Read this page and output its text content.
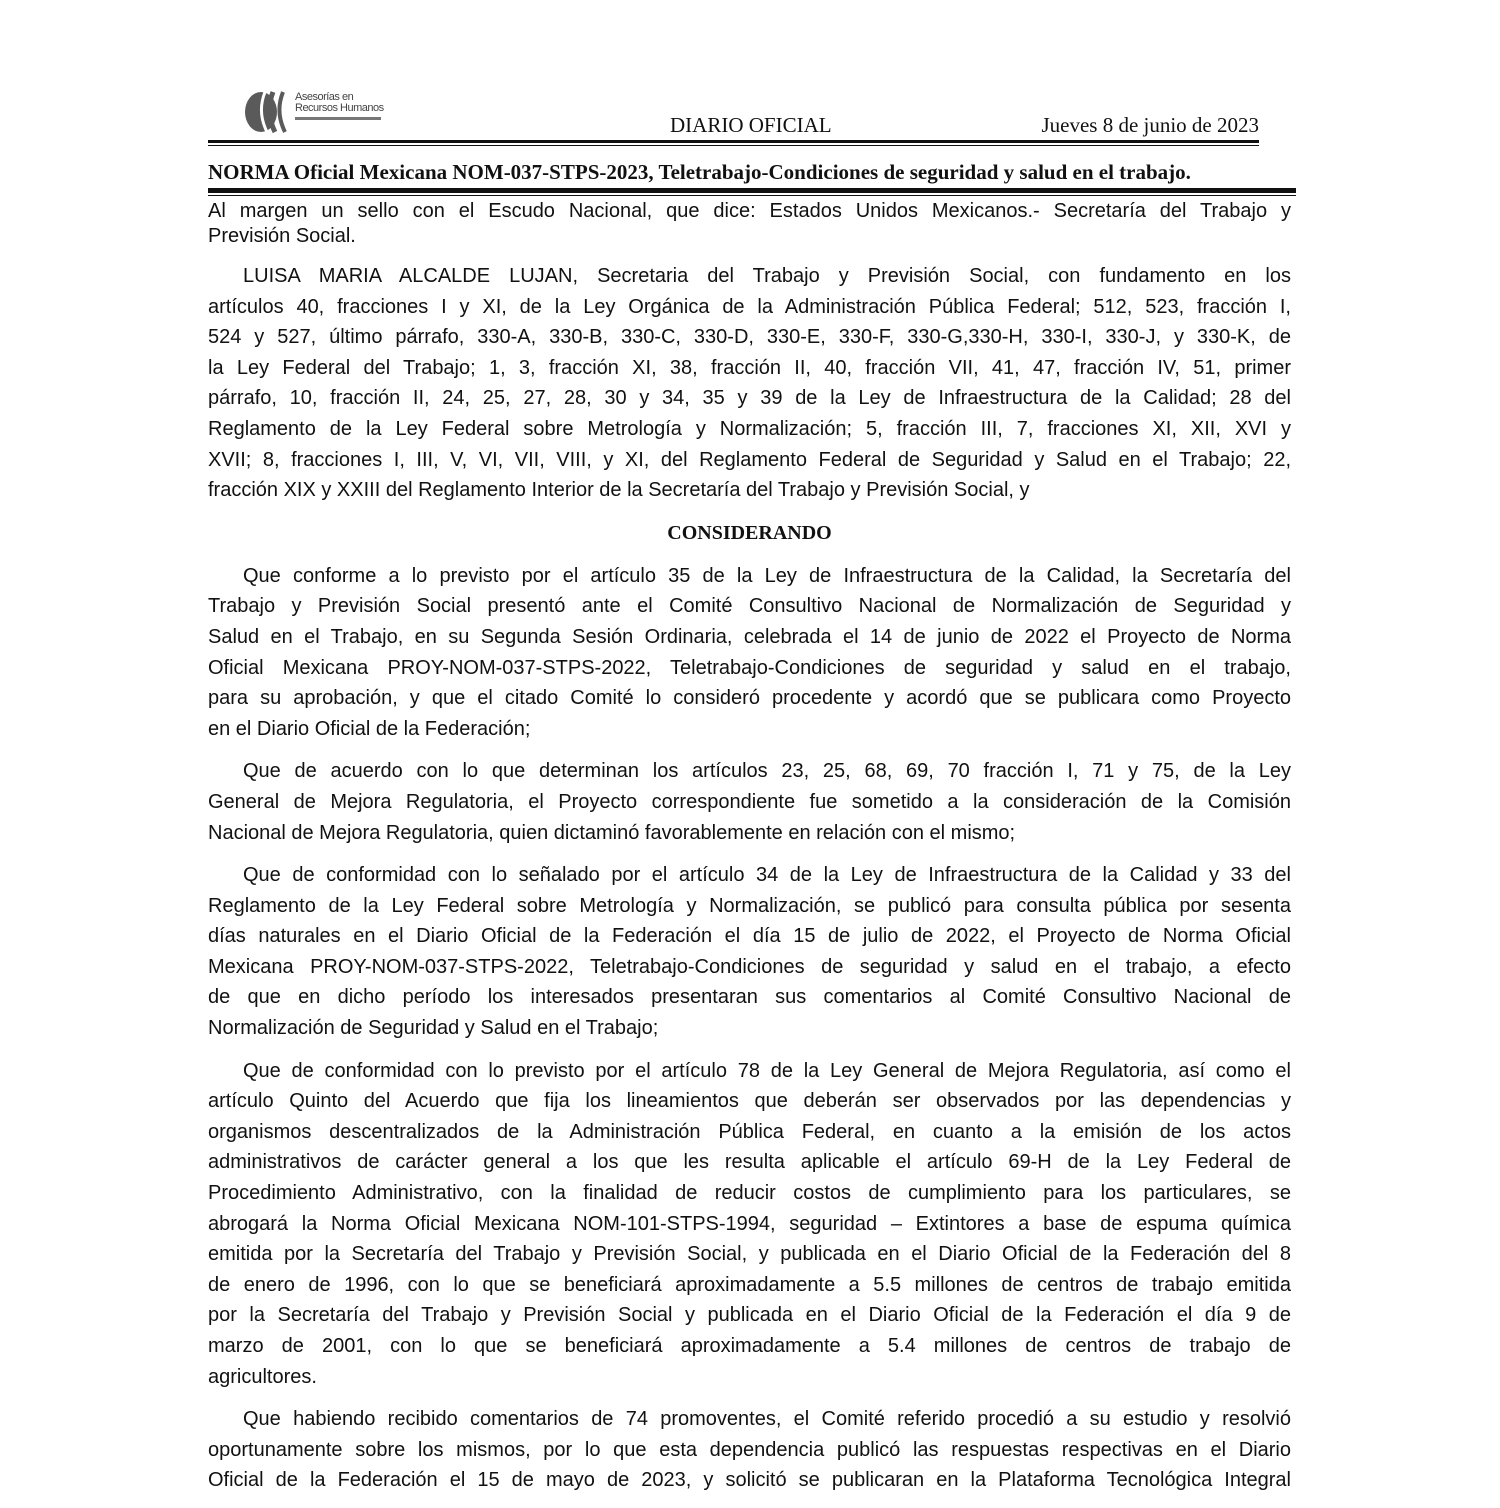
Asesorías en
Recursos Humanos
DIARIO OFICIAL	Jueves 8 de junio de 2023
NORMA Oficial Mexicana NOM-037-STPS-2023, Teletrabajo-Condiciones de seguridad y salud en el trabajo.
Al margen un sello con el Escudo Nacional, que dice: Estados Unidos Mexicanos.- Secretaría del Trabajo y
Previsión Social.
LUISA MARIA ALCALDE LUJAN, Secretaria del Trabajo y Previsión Social, con fundamento en los
artículos 40, fracciones I y XI, de la Ley Orgánica de la Administración Pública Federal; 512, 523, fracción I,
524 y 527, último párrafo, 330-A, 330-B, 330-C, 330-D, 330-E, 330-F, 330-G,330-H, 330-I, 330-J, y 330-K, de
la Ley Federal del Trabajo; 1, 3, fracción XI, 38, fracción II, 40, fracción VII, 41, 47, fracción IV, 51, primer
párrafo, 10, fracción II, 24, 25, 27, 28, 30 y 34, 35 y 39 de la Ley de Infraestructura de la Calidad; 28 del
Reglamento de la Ley Federal sobre Metrología y Normalización; 5, fracción III, 7, fracciones XI, XII, XVI y
XVII; 8, fracciones I, III, V, VI, VII, VIII, y XI, del Reglamento Federal de Seguridad y Salud en el Trabajo; 22,
fracción XIX y XXIII del Reglamento Interior de la Secretaría del Trabajo y Previsión Social, y
CONSIDERANDO
Que conforme a lo previsto por el artículo 35 de la Ley de Infraestructura de la Calidad, la Secretaría del
Trabajo y Previsión Social presentó ante el Comité Consultivo Nacional de Normalización de Seguridad y
Salud en el Trabajo, en su Segunda Sesión Ordinaria, celebrada el 14 de junio de 2022 el Proyecto de Norma
Oficial Mexicana PROY-NOM-037-STPS-2022, Teletrabajo-Condiciones de seguridad y salud en el trabajo,
para su aprobación, y que el citado Comité lo consideró procedente y acordó que se publicara como Proyecto
en el Diario Oficial de la Federación;
Que de acuerdo con lo que determinan los artículos 23, 25, 68, 69, 70 fracción I, 71 y 75, de la Ley
General de Mejora Regulatoria, el Proyecto correspondiente fue sometido a la consideración de la Comisión
Nacional de Mejora Regulatoria, quien dictaminó favorablemente en relación con el mismo;
Que de conformidad con lo señalado por el artículo 34 de la Ley de Infraestructura de la Calidad y 33 del
Reglamento de la Ley Federal sobre Metrología y Normalización, se publicó para consulta pública por sesenta
días naturales en el Diario Oficial de la Federación el día 15 de julio de 2022, el Proyecto de Norma Oficial
Mexicana PROY-NOM-037-STPS-2022, Teletrabajo-Condiciones de seguridad y salud en el trabajo, a efecto
de que en dicho período los interesados presentaran sus comentarios al Comité Consultivo Nacional de
Normalización de Seguridad y Salud en el Trabajo;
Que de conformidad con lo previsto por el artículo 78 de la Ley General de Mejora Regulatoria, así como el
artículo Quinto del Acuerdo que fija los lineamientos que deberán ser observados por las dependencias y
organismos descentralizados de la Administración Pública Federal, en cuanto a la emisión de los actos
administrativos de carácter general a los que les resulta aplicable el artículo 69-H de la Ley Federal de
Procedimiento Administrativo, con la finalidad de reducir costos de cumplimiento para los particulares, se
abrogará la Norma Oficial Mexicana NOM-101-STPS-1994, seguridad – Extintores a base de espuma química
emitida por la Secretaría del Trabajo y Previsión Social, y publicada en el Diario Oficial de la Federación del 8
de enero de 1996, con lo que se beneficiará aproximadamente a 5.5 millones de centros de trabajo emitida
por la Secretaría del Trabajo y Previsión Social y publicada en el Diario Oficial de la Federación el día 9 de
marzo de 2001, con lo que se beneficiará aproximadamente a 5.4 millones de centros de trabajo de
agricultores.
Que habiendo recibido comentarios de 74 promoventes, el Comité referido procedió a su estudio y resolvió
oportunamente sobre los mismos, por lo que esta dependencia publicó las respuestas respectivas en el Diario
Oficial de la Federación el 15 de mayo de 2023, y solicitó se publicaran en la Plataforma Tecnológica Integral
